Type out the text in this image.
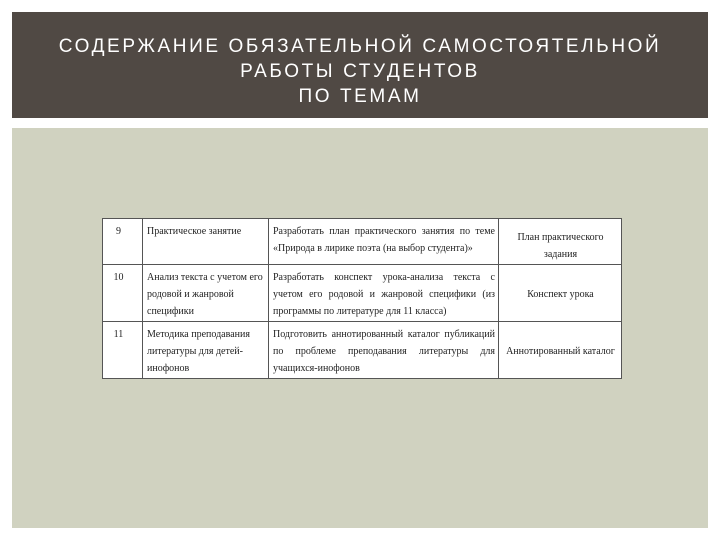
СОДЕРЖАНИЕ ОБЯЗАТЕЛЬНОЙ САМОСТОЯТЕЛЬНОЙ
РАБОТЫ СТУДЕНТОВ
ПО ТЕМАМ
9	Практическое занятие	Разработать план практического занятия по теме «Природа в лирике поэта (на выбор студента)»	План практического задания
10	Анализ текста с учетом его родовой и жанровой специфики	Разработать конспект урока-анализа текста с учетом его родовой и жанровой специфики (из программы по литературе для 11 класса)	Конспект урока
11	Методика преподавания литературы для детей-инофонов	Подготовить аннотированный каталог публикаций по проблеме преподавания литературы для учащихся-инофонов	Аннотированный каталог
